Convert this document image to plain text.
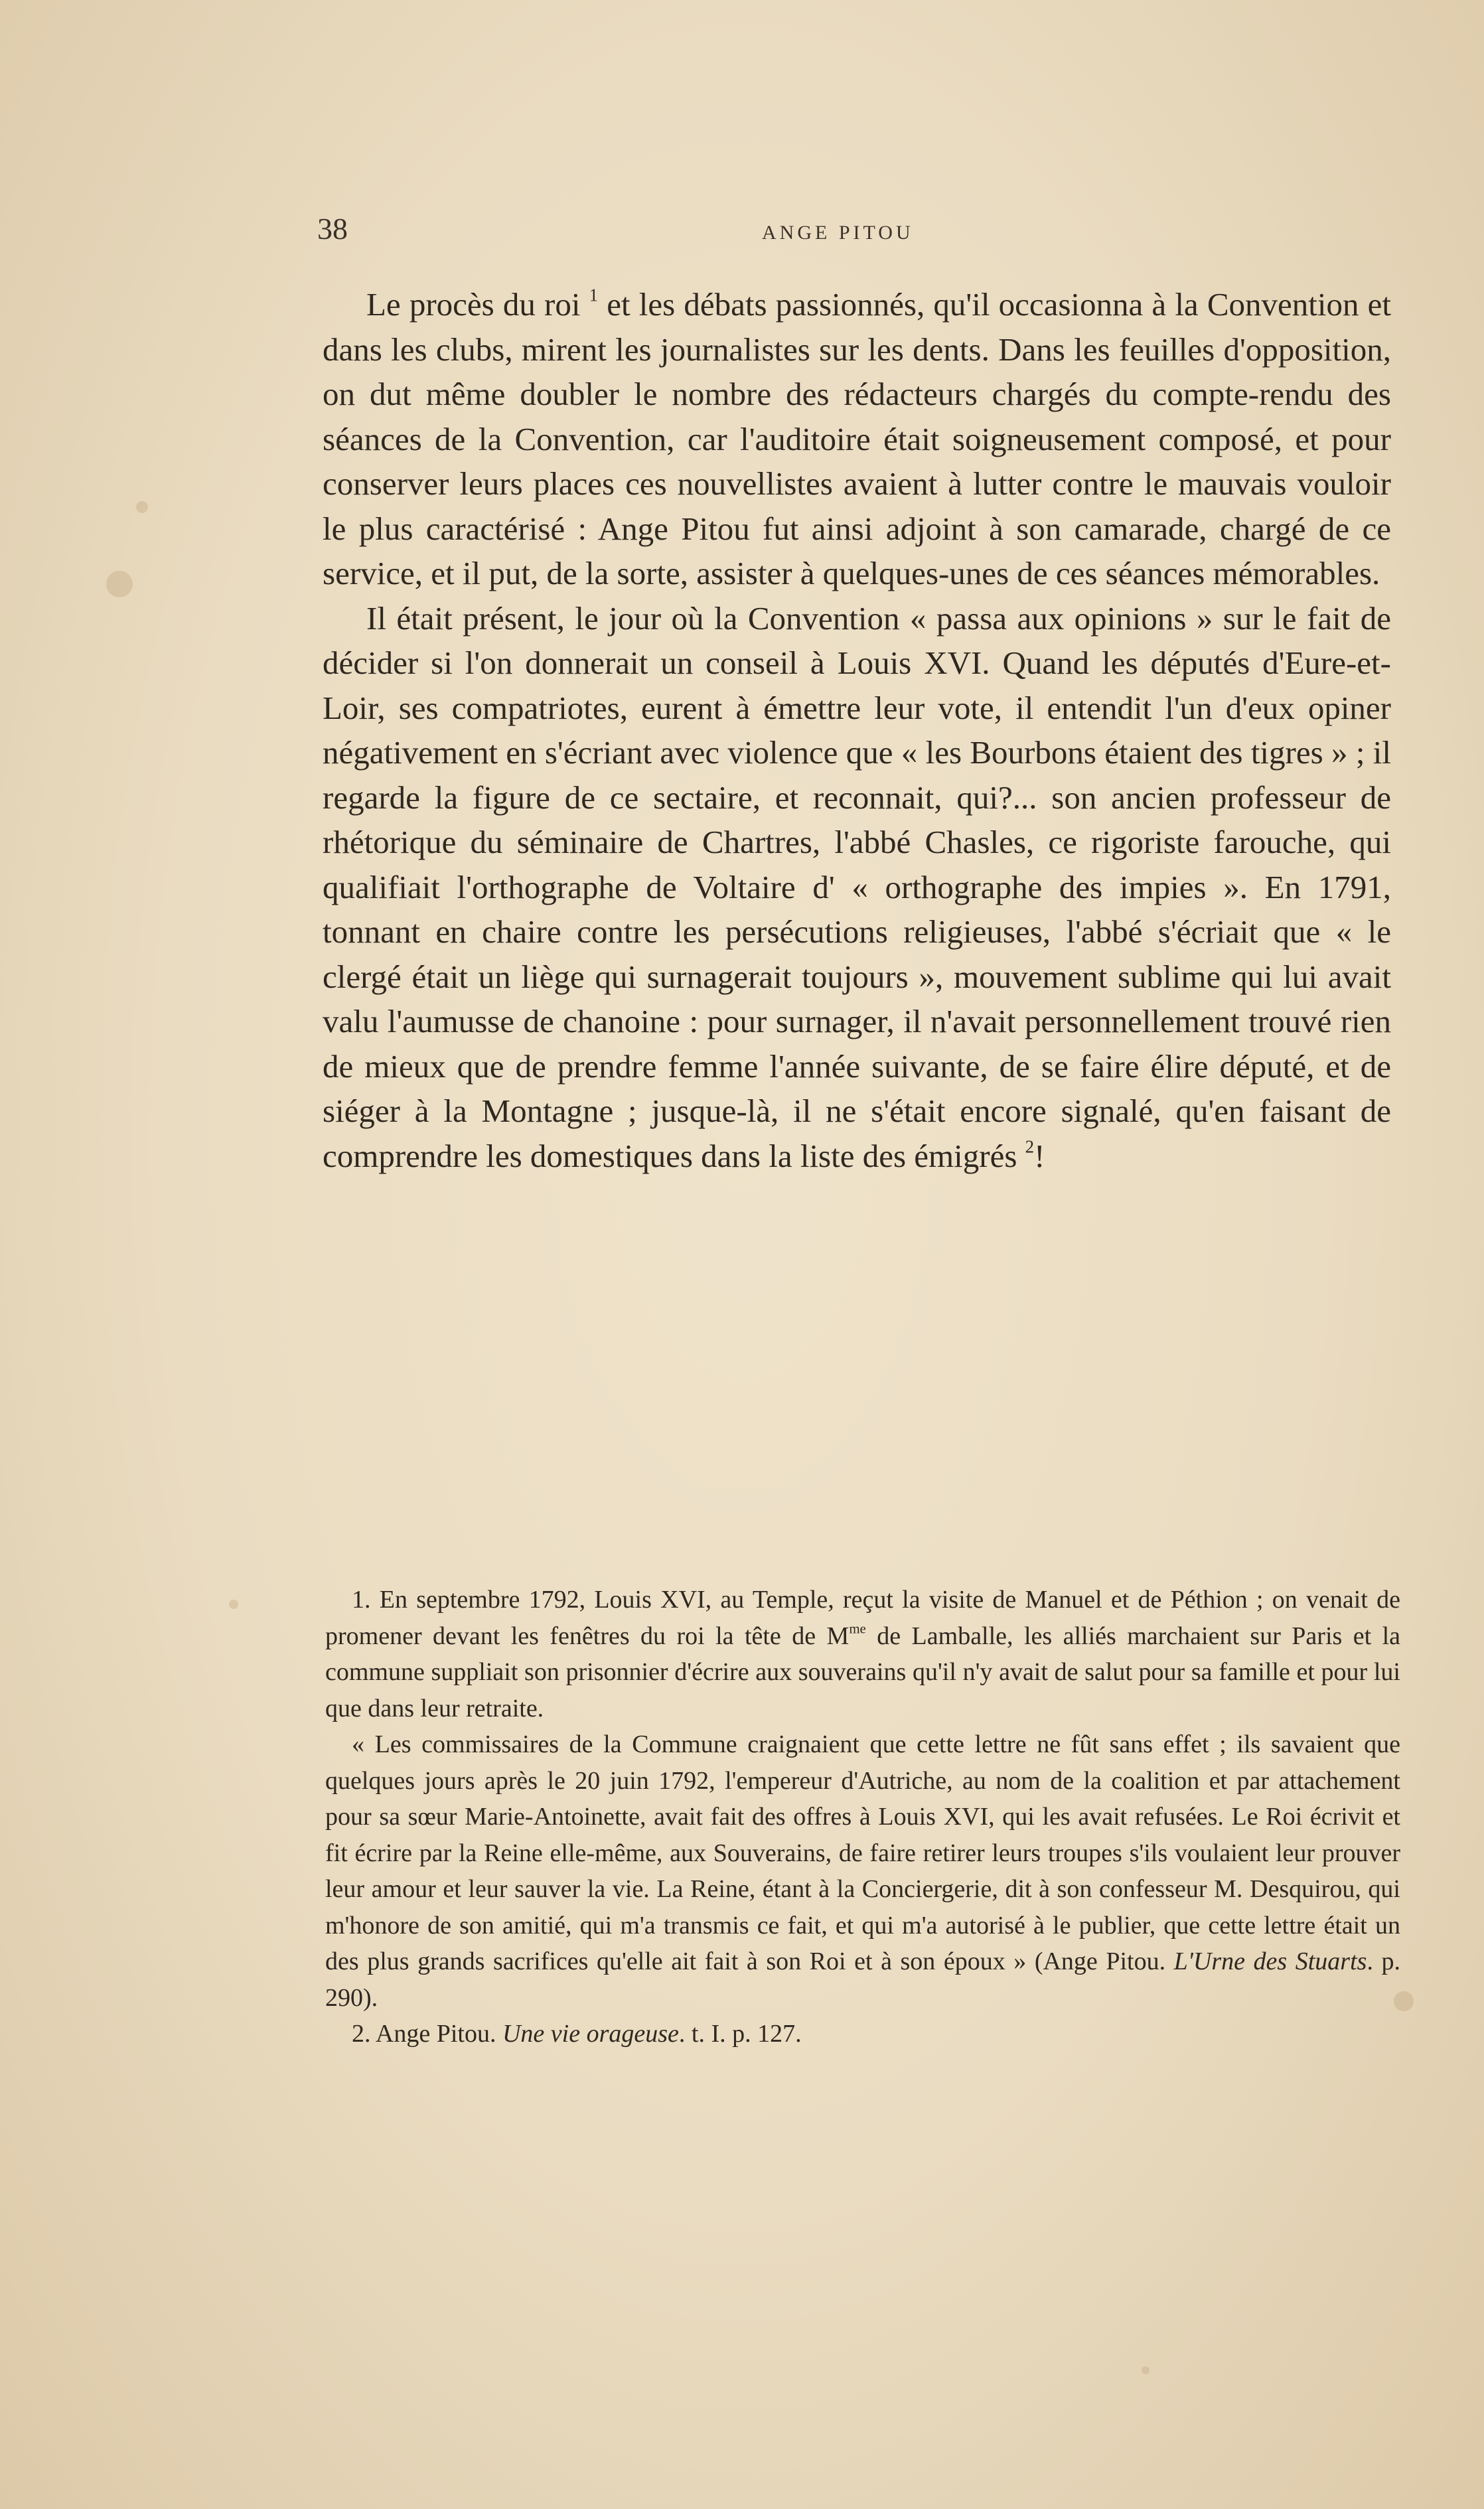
38	ANGE PITOU

Le procès du roi $^1$ et les débats passionnés, qu'il occasionna à la Convention et dans les clubs, mirent les journalistes sur les dents. Dans les feuilles d'opposition, on dut même doubler le nombre des rédacteurs chargés du compte-rendu des séances de la Convention, car l'auditoire était soigneusement composé, et pour conserver leurs places ces nouvellistes avaient à lutter contre le mauvais vouloir le plus caractérisé : Ange Pitou fut ainsi adjoint à son camarade, chargé de ce service, et il put, de la sorte, assister à quelques-unes de ces séances mémorables.

Il était présent, le jour où la Convention « passa aux opinions » sur le fait de décider si l'on donnerait un conseil à Louis XVI. Quand les députés d'Eure-et-Loir, ses compatriotes, eurent à émettre leur vote, il entendit l'un d'eux opiner négativement en s'écriant avec violence que « les Bourbons étaient des tigres » ; il regarde la figure de ce sectaire, et reconnait, qui?... son ancien professeur de rhétorique du séminaire de Chartres, l'abbé Chasles, ce rigoriste farouche, qui qualifiait l'orthographe de Voltaire d' « orthographe des impies ». En 1791, tonnant en chaire contre les persécutions religieuses, l'abbé s'écriait que « le clergé était un liège qui surnagerait toujours », mouvement sublime qui lui avait valu l'aumusse de chanoine : pour surnager, il n'avait personnellement trouvé rien de mieux que de prendre femme l'année suivante, de se faire élire député, et de siéger à la Montagne ; jusque-là, il ne s'était encore signalé, qu'en faisant de comprendre les domestiques dans la liste des émigrés $^2$!

1. En septembre 1792, Louis XVI, au Temple, reçut la visite de Manuel et de Péthion ; on venait de promener devant les fenêtres du roi la tête de $M^{me}$ de Lamballe, les alliés marchaient sur Paris et la commune suppliait son prisonnier d'écrire aux souverains qu'il n'y avait de salut pour sa famille et pour lui que dans leur retraite.

« Les commissaires de la Commune craignaient que cette lettre ne fût sans effet ; ils savaient que quelques jours après le 20 juin 1792, l'empereur d'Autriche, au nom de la coalition et par attachement pour sa sœur Marie-Antoinette, avait fait des offres à Louis XVI, qui les avait refusées. Le Roi écrivit et fit écrire par la Reine elle-même, aux Souverains, de faire retirer leurs troupes s'ils voulaient leur prouver leur amour et leur sauver la vie. La Reine, étant à la Conciergerie, dit à son confesseur M. Desquirou, qui m'honore de son amitié, qui m'a transmis ce fait, et qui m'a autorisé à le publier, que cette lettre était un des plus grands sacrifices qu'elle ait fait à son Roi et à son époux » (Ange Pitou. L'Urne des Stuarts. p. 290).

2. Ange Pitou. Une vie orageuse. t. I. p. 127.
